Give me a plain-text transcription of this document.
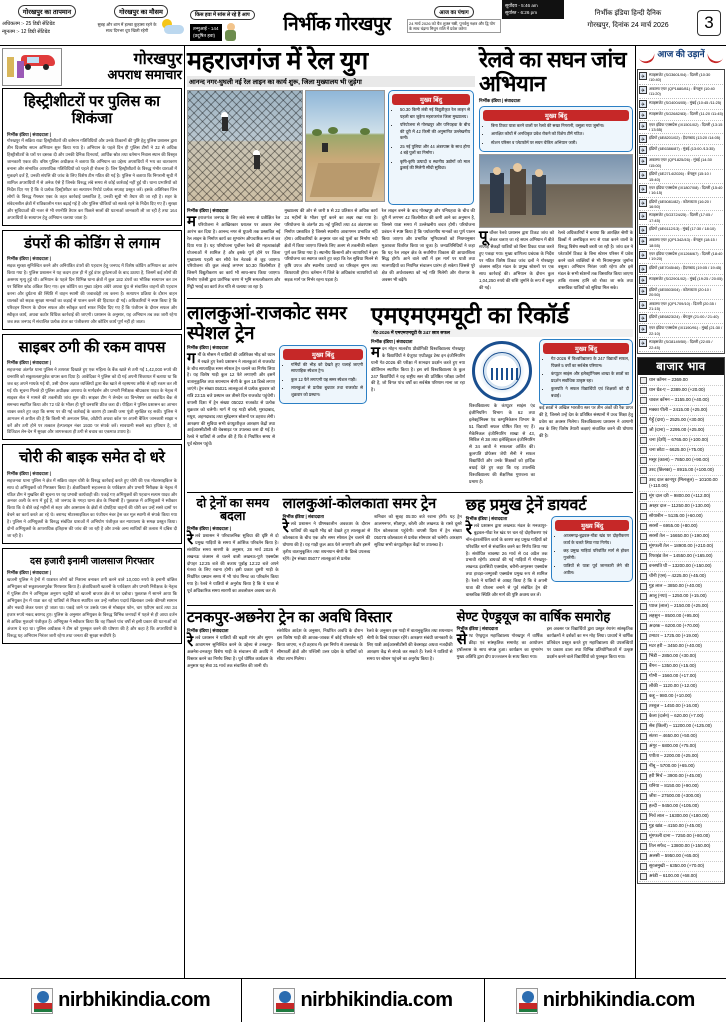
गोरखपुर का तापमान
अधिकतम :- 25 डिग्री सेंटिग्रेड
न्यूनतम :- 12 डिग्री सेंटिग्रेड
गोरखपुर का मौसम
सुबह और शाम में हल्का कुहासा रहने के साथ दिनभर धूप खिली रहेगी
किस हवा में सांस ले रहे हैं आप
तन्मुआई - 144
(प्रदूषित हवा)
निर्भीक गोरखपुर
आज का पंचाग
24 मार्च 2026 को चैत्र शुक्ल षष्ठी, पुनर्वसु नक्षत्र और द्वि योग के साथ चंद्रमा मिथुन राशि में प्रवेश करेगा
सूर्योदय - 5:46 am
सूर्यास्त - 6:26 pm	निर्भीक इंडिया हिन्दी दैनिक
गोरखपुर, दिनांक 24 मार्च 2026	3
गोरखपुर
अपराध समाचार
हिस्ट्रीशीटरों पर पुलिस का शिकंजा

निर्भीक इंडिया | संवाददाता |

गोरखपुर में सक्रिय राडा हिस्ट्रीशीटरों की वर्तमान गतिविधियों और उनके ठिकानों की पुष्टि हेतु पुलिस प्रशासन द्वारा तीन दिवसीय सघन अभियान शुरू किया गया है। अभियान के पहले दिन ही पुलिस टीमों ने 32 से अधिक हिस्ट्रीशीटरों के घरों पर दस्तक दी और उनकी दैनिक दिनचर्या, आर्थिक स्रोत तथा वर्तमान निवास स्थान की विस्तृत जानकारी एकत्र की। वरिष्ठ पुलिस अधीक्षक ने बताया कि अभियान का उद्देश्य अपराधियों में भय का वातावरण बनाना और संभावित आपराधिक गतिविधियों को पहले ही रोकना है। जिन हिस्ट्रीशीटरों के विरुद्ध गंभीर धाराओं में मुकदमे दर्ज हैं, उनकी संपत्ति की जांच के लिए विशेष टीम गठित की गई है। पुलिस ने बताया कि निगरानी सूची में शामिल अपराधियों में से अनेक ऐसे हैं जिनके विरुद्ध लंबे समय से कोई कार्रवाई नहीं हुई थी। थाना प्रभारियों को निर्देश दिए गए हैं कि वे प्रत्येक हिस्ट्रीशीटर का सत्यापन रिपोर्ट प्रत्येक सप्ताह प्रस्तुत करें। इसके अतिरिक्त जिन लोगों के विरुद्ध गैंगस्टर एक्ट के तहत कार्रवाई प्रस्तावित है, उनकी सूची भी तैयार की जा रही है। शहर के संवेदनशील क्षेत्रों में रात्रिकालीन गश्त बढ़ाई गई है और पुलिस चौकियों को सतर्क रहने के निर्देश दिए गए हैं। सुरक्षा और सुविधाओं की नजर से भी रणनीति तैयार कर पिछले सालों की घटनाओं जानकारी ली जा रही है तथा 164 अपराधियों के सत्यापन हेतु अभियान चलाया जाता है।

डंपरों की कोडिंग से लगाम

निर्भीक इंडिया | संवाददाता |

सड़क सुरक्षा सुनिश्चित करने और अनियंत्रित डंपरों की पहचान हेतु जनपद में विशेष कोडिंग अभियान का आरंभ किया गया है। पुलिस प्रशासन ने यह कदम हाल ही में हुई डंपर दुर्घटनाओं के बाद उठाया है, जिसमें कई लोगों की असमय मृत्यु हुई थी। अभियान के पहले दिन विभिन्न थाना क्षेत्रों में कुल 182 डंपरों का भौतिक सत्यापन कर उन पर विशिष्ट कोड अंकित किए गए। इस कोडिंग का मुख्य उद्देश्य अंधेरे अथवा धुंध से संचालित वाहनों की पहचान करना और दुर्घटना की स्थिति में वाहन स्वामी की जवाबदेही तय करना है। सत्यापन प्रक्रिया के दौरान वाहन चालकों को सड़क सुरक्षा मानकों का कड़ाई से पालन करने की हिदायत दी गई। अधिकारियों ने स्पष्ट किया है कि परिवहन विभाग के दौरान सफल और स्वीकृत कार्य सफर निर्देश दिए गए हैं कि पंजीयन के दौरान सफल और स्वीकृत कार्य, अथवा कठोर विधिक कार्रवाई की जाएगी। प्रशासन के अनुसार, यह अभियान तब तक जारी रहेगा जब तक जनपद में संचालित प्रत्येक डंपर का पंजीकरण और कोडिंग कार्य पूर्ण नहीं हो जाता।

साइबर ठगी की रकम वापस

निर्भीक इंडिया | संवाददाता |

सहजनवा अंतर्गत थाना पुलिस ने तत्परता दिखाते हुए एक महिला के बैंक खाते से ठगी गई 1,42,000 रुपये की धनराशि को सकुशलतापूर्वक वापस करा दिया है। आवेदिका ने पुलिस को दी गई अपनी शिकायत में बताया था कि जब वह अपने मायके गई थी, उसी दौरान अज्ञात व्यक्तियों द्वारा बैंक खाते से रहस्यमय तरीके से वही रकम कर ली गई थी। सूचना मिलते ही पुलिस अधीक्षक अपराध के मार्गदर्शन और प्रभारी निरीक्षक श्रीप्रकाश यादव के नेतृत्व में साइबर सेल ने मामले की तकनीकी जांच शुरू की। साइबर टीम ने लेनदेन का विश्लेषण कर संबंधित बैंक से समन्वय स्थापित किया और 72 घंटे के भीतर ही पूरी धनराशि फ्रीज करा दी। पीड़िता ने पुलिस प्रशासन का आभार व्यक्त करते हुए कहा कि समय पर की गई कार्रवाई के कारण ही उसकी जमा पूंजी सुरक्षित रह सकी। पुलिस ने आमजन से अपील की है कि किसी भी अनजान लिंक, ओटीपी अथवा कॉल पर अपनी बैंकिंग जानकारी साझा न करें और ठगी होने पर तत्काल हेल्पलाइन नंबर 1930 पर संपर्क करें। सावधानी सबसे बड़ा हथियार है, जो डिजिटल लेन-देन में सुरक्षा और जागरूकता ही ठगी से बचाव का एकमात्र उपाय है।

चोरी की बाइक समेत दो धरे

निर्भीक इंडिया | संवाददाता |

सहजनवा थाना पुलिस ने क्षेत्र में सक्रिय वाहन चोरी के विरुद्ध कार्रवाई करते हुए चोरी की एक मोटरसाइकिल के साथ दो अभियुक्तों को गिरफ्तार किया है। क्षेत्राधिकारी सहजनवा के पर्यवेक्षण और प्रभारी निरीक्षक के नेतृत्व में गठित टीम ने मुखबिर की सूचना पर यह प्रभावी कार्यवाही की। पकड़े गए अभियुक्तों की पहचान सत्यम यादव और अनवर अली के रूप में हुई है, जो जनपद के गगहा थाना क्षेत्र के निवासी हैं। पूछताछ में अभियुक्तों ने स्वीकार किया कि वे बीते कई महीनों से शहर और आसपास के क्षेत्रों से दोपहिया वाहनों की चोरी कर उन्हें सस्ते दामों पर बेचने का कार्य करते आ रहे थे। बरामद मोटरसाइकिल का पंजीयन नंबर ट्रेस कर मूल स्वामी से संपर्क किया गया है। पुलिस ने अभियुक्तों के विरुद्ध संबंधित धाराओं में अभियोग पंजीकृत कर न्यायालय के समक्ष प्रस्तुत किया। दोनों अभियुक्तों के आपराधिक इतिहास की जांच की जा रही है और उनके अन्य साथियों की तलाश में दबिश दी जा रही है।

दस हजारी इनामी जालसाज गिरफ्तार

निर्भीक इंडिया | संवाददाता |

खजनी पुलिस ने ट्रेनों में यात्रारत लोगों को निशाना बनाकर ठगी करने वाले 10,000 रुपये के इनामी वांछित अभियुक्त को सकुशलतापूर्वक गिरफ्तार किया है। क्षेत्राधिकारी खजनी के पर्यवेक्षण और प्रभारी निरीक्षक के नेतृत्व में पुलिस टीम ने अभियुक्त अनुराग चतुर्वेदी को खजनी बाजार क्षेत्र से धर दबोचा। पूछताछ में सामने आया कि अभियुक्त ट्रेन में यात्रा कर रहे यात्रियों से मित्रता स्थापित कर उन्हें नशीला पदार्थ खिलाकर उनके कीमती सामान और नकदी लेकर फरार हो जाता था। पकड़े जाने पर उसके पास से मोबाइल फोन, चार एटीएम कार्ड तथा 34 हजार रुपये नकद बरामद हुए। पुलिस के अनुसार अभियुक्त के विरुद्ध विभिन्न जनपदों में पहले से ही आधा दर्जन से अधिक मुकदमे पंजीकृत हैं। अभियुक्त ने स्वीकार किया कि वह पिछले पांच वर्षों से इसी प्रकार की घटनाओं को अंजाम दे रहा था। पुलिस अधीक्षक ने टीम को पुरस्कृत करने की घोषणा की है और कहा है कि अपराधियों के विरुद्ध यह अभियान निरंतर जारी रहेगा तथा जनता की सुरक्षा सर्वोपरि है।

महराजगंज में रेल युग
आनन्द नगर-घुघली नई रेल लाइन का कार्य शुरू, जिला मुख्यालय भी जुड़ेगा
मुख्य बिंदु
• 50.30 किमी लंबी नई विद्युतीकृत रेल लाइन से पहली बार जुड़ेगा महराजगंज जिला मुख्यालय।
• परियोजना से गोरखपुर और पनियहवा के बीच की दूरी में 42 किमी की अनुमानित उल्लेखनीय कमी।
• 25 नई पुलिया और 44 अंडरपास के साथ होगा 4 बड़े पुलों का निर्माण।
• कृषि-कृषि उत्पादों व स्थानीय उद्योगों को माल ढुलाई की मिलेगी सीधी सुविधा।
निर्भीक इंडिया | संवाददाता

महराजगंज जनपद के लिए लंबे समय से प्रतीक्षित रेल परियोजना ने आखिरकार धरातल पर आकार लेना आरंभ कर दिया है। आनन्द नगर से घुघली तक प्रस्तावित नई रेल लाइन के निर्माण कार्य का शुभारंभ औपचारिक रूप से कर दिया गया है। यह परियोजना पूर्वोत्तर रेलवे की महत्वाकांक्षी योजनाओं में शामिल है और इसके पूर्ण होने पर जिला मुख्यालय पहली बार सीधे रेल नेटवर्क से जुड़ जाएगा। परियोजना की कुल लंबाई लगभग 50.30 किलोमीटर है जिसमें विद्युतीकरण का कार्य भी साथ-साथ किया जाएगा। निर्माण एजेंसी द्वारा प्रारंभिक चरण में भूमि समतलीकरण और मिट्टी भराई का कार्य तेज गति से चलाया जा रहा है।

मुख्यालय की ओर से जारी 9 से 22 प्रतिशत से अधिक कार्य 24 महीनों के भीतर पूर्ण करने का लक्ष्य रखा गया है। परियोजना के अंतर्गत 25 नई पुलियों तथा 44 अंडरपास का निर्माण प्रस्तावित है जिससे स्थानीय आवागमन प्रभावित नहीं होगा। अधिकारियों के अनुसार चार बड़े पुलों का निर्माण नदी क्षेत्रों में किया जाएगा जिसके लिए अलग से तकनीकी सर्वेक्षण पूर्ण कर लिया गया है। स्थानीय किसानों और व्यापारियों ने इस परियोजना का स्वागत करते हुए कहा कि रेल सुविधा मिलने से कृषि उपज और स्थानीय उत्पादों का परिवहन सुगम तथा किफायती होगा। वर्तमान में जिले के अधिकांश व्यापारियों को सड़क मार्ग पर निर्भर रहना पड़ता है।

रेल लाइन बनने के बाद गोरखपुर और पनियहवा के बीच की दूरी में लगभग 42 किलोमीटर की कमी आने का अनुमान है, जिससे यात्रा समय में उल्लेखनीय बचत होगी। परियोजना प्रबंधन ने स्पष्ट किया है कि पर्यावरणीय मानकों का पूर्ण पालन किया जाएगा और प्रभावित भूमिधारकों को नियमानुसार मुआवजा वितरित किया जा चुका है। जनप्रतिनिधियों ने कहा कि यह रेल लाइन क्षेत्र के सर्वांगीण विकास की आधारशिला सिद्ध होगी। आने वाले वर्षों में इस मार्ग पर यात्री तथा मालगाड़ियों का नियमित संचालन प्रारंभ हो सकेगा जिससे पूरे क्षेत्र की अर्थव्यवस्था को नई गति मिलेगी और रोजगार के अवसर भी बढ़ेंगे।

रेलवे का सघन जांच अभियान
निर्भीक इंडिया | संवाददाता
मुख्य बिंदु
• बिना टिकट यात्रा करने वालों पर रेलवे की सख्त निगरानी, वसूला गया जुर्माना।
• आरक्षित कोचों में अनधिकृत प्रवेश रोकने को विशेष टीमें गठित।
• स्टेशन परिसर व प्लेटफॉर्म पर सघन चेकिंग अभियान जारी।

पूर्वोत्तर रेलवे प्रशासन द्वारा टिकट जांच को लेकर चलाए जा रहे सघन अभियान में बीते सप्ताह सैकड़ों यात्रियों को बिना टिकट यात्रा करते हुए पकड़ा गया। मुख्य वाणिज्य प्रबंधक के निर्देश पर गठित विशेष टिकट जांच दलों ने गोरखपुर जंक्शन सहित मंडल के प्रमुख स्टेशनों पर एक साथ कार्रवाई की। अभियान के दौरान कुल 1,04,250 रुपये की राशि जुर्माने के रूप में वसूल की गई।

रेलवे अधिकारियों ने बताया कि आरक्षित श्रेणी के डिब्बों में अनधिकृत रूप से यात्रा करने वालों के विरुद्ध विशेष सख्ती बरती जा रही है। जांच दल ने प्लेटफॉर्म टिकट के बिना स्टेशन परिसर में प्रवेश करने वाले व्यक्तियों से भी नियमानुसार जुर्माना वसूला। अभियान निरंतर जारी रहेगा और इसे मंडल के सभी स्टेशनों तक विस्तारित किया जाएगा ताकि राजस्व हानि को रोका जा सके तथा वास्तविक यात्रियों को सुविधा मिल सके।

लालकुआं-राजकोट समर स्पेशल ट्रेन
निर्भीक इंडिया | संवाददाता

गर्मी के मौसम में यात्रियों की अतिरिक्त भीड़ को ध्यान में रखते हुए रेलवे प्रशासन ने लालकुआं से राजकोट के बीच साप्ताहिक समर स्पेशल ट्रेन चलाने का निर्णय लिया है। यह विशेष गाड़ी कुल 12 फेरे लगाएगी और इसमें वातानुकूलित तथा शयनयान श्रेणी के कुल 18 डिब्बे लगाए जाएंगे। ट्रेन संख्या 05021 लालकुआं से प्रत्येक बुधवार को रात्रि 23:15 बजे प्रस्थान कर तीसरे दिन राजकोट पहुंचेगी। वापसी दिशा में ट्रेन संख्या 05022 राजकोट से प्रत्येक शुक्रवार को चलेगी। मार्ग में यह गाड़ी बरेली, मुरादाबाद, मथुरा, अहमदाबाद तथा सुरेंद्रनगर स्टेशनों पर ठहराव लेगी। आरक्षण की सुविधा सभी कंप्यूटरीकृत आरक्षण केंद्रों तथा आईआरसीटीसी की वेबसाइट पर उपलब्ध करा दी गई है। रेलवे ने यात्रियों से अपील की है कि वे निर्धारित समय से पूर्व स्टेशन पहुंचें।

मुख्य बिंदु
• गर्मियों की भीड़ को देखते हुए चलाई जाएगी साप्ताहिक स्पेशल ट्रेन।
• कुल 12 फेरे लगाएगी यह समर स्पेशल गाड़ी।
• लालकुआं से प्रत्येक बुधवार तथा राजकोट से शुक्रवार को प्रस्थान।
एमएमएमयूटी का रिकॉर्ड
गेट-2026 में एमएमएमयूटी के 247 छात्र सफल
निर्भीक इंडिया | संवाददाता

मदन मोहन मालवीय प्रौद्योगिकी विश्वविद्यालय गोरखपुर के विद्यार्थियों ने ग्रेजुएट एप्टीट्यूड टेस्ट इन इंजीनियरिंग यानी गेट-2026 की परीक्षा में शानदार प्रदर्शन करते हुए नया कीर्तिमान स्थापित किया है। इस वर्ष विश्वविद्यालय के कुल 247 विद्यार्थियों ने यह राष्ट्रीय स्तर की प्रतिष्ठित परीक्षा उत्तीर्ण की है, जो विगत पांच वर्षों का सर्वश्रेष्ठ परिणाम माना जा रहा है।

विश्वविद्यालय के कंप्यूटर साइंस एंड इंजीनियरिंग विभाग के 62 तथा इलेक्ट्रॉनिक्स एंड कम्युनिकेशन विभाग के 51 विद्यार्थी सफल घोषित किए गए हैं। मैकेनिकल इंजीनियरिंग शाखा से 43, सिविल से 38 तथा इलेक्ट्रिकल इंजीनियरिंग से 34 छात्रों ने सफलता अर्जित की। कुलपति प्रोफेसर जेपी सैनी ने सफल विद्यार्थियों और उनके शिक्षकों को हार्दिक बधाई देते हुए कहा कि यह उपलब्धि विश्वविद्यालय की शैक्षणिक गुणवत्ता का प्रमाण है।

मुख्य बिंदु
• गेट-2026 में विश्वविद्यालय के 247 विद्यार्थी सफल, पिछले 5 वर्षों का सर्वश्रेष्ठ परिणाम।
• कंप्यूटर साइंस और इलेक्ट्रॉनिक्स शाखा के छात्रों का प्रदर्शन सर्वाधिक उत्कृष्ट रहा।
• कुलपति ने सफल विद्यार्थियों एवं शिक्षकों को दी बधाई।

कई छात्रों ने अखिल भारतीय स्तर पर तीन अंकों की रैंक प्राप्त की है, जिससे उन्हें देश के प्रतिष्ठित संस्थानों में उच्च शिक्षा हेतु प्रवेश का अवसर मिलेगा। विश्वविद्यालय प्रशासन ने आगामी सत्र के लिए विशेष तैयारी कक्षाएं संचालित करने की घोषणा की है।

दो ट्रेनों का समय बदला
निर्भीक इंडिया | संवाददाता |

रेलवे प्रशासन ने परिचालनिक सुविधा की दृष्टि से दो प्रमुख गाड़ियों के समय में आंशिक परिवर्तन किया है। संशोधित समय सारणी के अनुसार, 28 मार्च 2026 से लखनऊ जंक्शन से चलने वाली लखनऊ-पुणे एक्सप्रेस दोपहर 12:25 बजे की बजाय पूर्वाह्न 12:22 बजे अपने गंतव्य के लिए रवाना होगी। इसी प्रकार दूसरी गाड़ी के निर्धारित प्रस्थान समय में भी पांच मिनट का परिवर्तन किया गया है। रेलवे ने यात्रियों से अनुरोध किया है कि वे यात्रा से पूर्व अधिकारिक समय सारणी का अवलोकन अवश्य कर लें।

लालकुआं-कोलकाता समर ट्रेन
निर्भीक इंडिया | संवाददाता

रेलवे प्रशासन ने ग्रीष्मकालीन अवकाश के दौरान यात्रियों की बढ़ती भीड़ को देखते हुए लालकुआं से कोलकाता के बीच एक और समर स्पेशल ट्रेन चलाने की घोषणा की है। यह गाड़ी कुल आठ फेरे लगाएगी और इसमें तृतीय वातानुकूलित तथा शयनयान श्रेणी के डिब्बे उपलब्ध रहेंगे। ट्रेन संख्या 05077 लालकुआं से प्रत्येक

शनिवार को सुबह 05:00 बजे रवाना होगी। यह ट्रेन आलमनगर, सीतापुर, बरेली और लखनऊ के रास्ते दूसरे दिन कोलकाता पहुंचेगी। वापसी दिशा में ट्रेन संख्या 05078 कोलकाता से प्रत्येक सोमवार को चलेगी। आरक्षण सुविधा सभी कंप्यूटरीकृत केंद्रों पर उपलब्ध है।

छह प्रमुख ट्रेनें डायवर्ट
निर्भीक इंडिया | संवाददाता

रेलवे प्रशासन द्वारा लखनऊ मंडल के मनकापुर-बुढ़वल-गोंडा रेल खंड पर चल रहे दोहरीकरण एवं नॉन-इंटरलॉकिंग कार्य के कारण छह प्रमुख गाड़ियों को परिवर्तित मार्ग से संचालित करने का निर्णय लिया गया है। संशोधित व्यवस्था 26 मार्च से 04 अप्रैल तक प्रभावी रहेगी। डायवर्ट की गई गाड़ियों में गोरखपुर-लखनऊ इंटरसिटी एक्सप्रेस, बरौनी-अमृतसर एक्सप्रेस तथा हावड़ा-जम्मूतवी एक्सप्रेस प्रमुख रूप से शामिल हैं। रेलवे ने यात्रियों से आग्रह किया है कि वे अपनी यात्रा की योजना बनाने से पूर्व संबंधित ट्रेन की वास्तविक स्थिति और मार्ग की पुष्टि अवश्य कर लें।

मुख्य बिंदु
• आजमगढ़-बुढ़वल-गोंडा खंड पर दोहरीकरण कार्य के चलते लिया गया निर्णय।
• छह प्रमुख गाड़ियां परिवर्तित मार्ग से होकर गुजरेंगी।
• यात्रियों से यात्रा पूर्व जानकारी लेने की अपील।
टनकपुर-अछनेरा ट्रेन का अवधि विस्तार
निर्भीक इंडिया | संवाददाता

रेलवे प्रशासन ने यात्रियों की बढ़ती मांग और सुगम आवागमन सुनिश्चित करने के उद्देश्य से टनकपुर-अछनेरा-टनकपुर विशेष गाड़ी के संचालन की अवधि में विस्तार करने का निर्णय लिया है। पूर्व घोषित कार्यक्रम के अनुसार यह सेवा 31 मार्च तक संचालित की जानी थी।

संशोधित आदेश के अनुसार, निर्धारित अवधि के दौरान इस विशेष गाड़ी की आवक-जावक में कोई परिवर्तन नहीं किया जाएगा, न ही ठहराव में। इस निर्णय से उत्तराखंड के सीमावर्ती क्षेत्रों और पश्चिमी उत्तर प्रदेश के यात्रियों को सीधा लाभ मिलेगा।

रेलवे के अनुसार इस गाड़ी में वातानुकूलित तथा शयनयान श्रेणी के डिब्बे यथावत रहेंगे। आरक्षण संबंधी जानकारी के लिए यात्री आईआरसीटीसी की वेबसाइट अथवा नजदीकी आरक्षण केंद्र से संपर्क कर सकते हैं। रेलवे ने यात्रियों से समय पर स्टेशन पहुंचने का अनुरोध किया है।

सेण्ट ऐण्ड्रयूज का वार्षिक समारोह
निर्भीक इंडिया | संवाददाता

सेण्ट ऐण्ड्रयूज महाविद्यालय गोरखपुर में वार्षिक क्रीड़ा एवं सांस्कृतिक समारोह का आयोजन हर्षोल्लास के साथ संपन्न हुआ। कार्यक्रम का शुभारंभ मुख्य अतिथि द्वारा दीप प्रज्ज्वलन के साथ किया गया।

इस अवसर पर विद्यार्थियों द्वारा प्रस्तुत रंगारंग सांस्कृतिक कार्यक्रमों ने दर्शकों का मन मोह लिया। प्राचार्य ने वार्षिक प्रतिवेदन प्रस्तुत करते हुए महाविद्यालय की उपलब्धियों पर प्रकाश डाला तथा विभिन्न प्रतियोगिताओं में उत्कृष्ट प्रदर्शन करने वाले विद्यार्थियों को पुरस्कृत किया गया।

आज की उड़ानें
✈	स्पाइसजेट (SG3601/04) : दिल्ली (10:30 /10:40)
✈	अकासा एयर (QP1680/81) : बेंगलुरु (10:40 /11:20)
✈	स्पाइसजेट (SG4004/05) : मुंबई (10:45 /11:25)
✈	स्पाइसजेट (SG2682/83) : दिल्ली (11:20 /11:45)
✈	एयर इंडिया एक्सप्रेस (IX1501/02) : दिल्ली (13:15 / 13:55)
✈	इंडिगो (6E8201/02) : हैदराबाद (13:20 /14:05)
✈	इंडिगो (6E6386/87) : मुंबई (13:00 /13:35)
✈	अकासा एयर (QP1825/26) : मुंबई (14:30 /15:00)
✈	इंडिगो (6E2714/2026) : बेंगलुरु (15:10 / 15:40)
✈	एयर इंडिया एक्सप्रेस (IX1807/08) : दिल्ली (15:40 / 16:15)
✈	इंडिगो (6E5081/82) : कोलकाता (16:20 / 16:50)
✈	स्पाइसजेट (SG3724/25) : दिल्ली (17:05 / 17:45)
✈	इंडिगो (6E6112/13) : मुंबई (17:30 / 18:10)
✈	अकासा एयर (QP1342/43) : बेंगलुरु (18:15 / 18:55)
✈	एयर इंडिया एक्सप्रेस (IX1266/67) : दिल्ली (18:40 / 19:20)
✈	इंडिगो (6E7045/46) : हैदराबाद (19:05 / 19:45)
✈	स्पाइसजेट (SG2901/02) : मुंबई (19:25 / 20:05)
✈	इंडिगो (6E5503/04) : कोलकाता (20:10 / 20:50)
✈	अकासा एयर (QP1709/10) : दिल्ली (20:35 / 21:15)
✈	इंडिगो (6E6823/24) : बेंगलुरु (21:00 / 21:40)
✈	एयर इंडिया एक्सप्रेस (IX1190/91) : मुंबई (21:30 / 22:10)
✈	स्पाइसजेट (SG8149/50) : दिल्ली (22:05 / 22:45)
बाजार भाव
धान कॉमन – 2369.00
धान ग्रेड-ए – 2389.00 (+20.00)
चावल कॉमन – 3155.00 (+40.00)
मक्का पीली – 2415.00 (+25.00)
गेहूँ (दारा) – 2525.00 (+30.00)
जौ (दाना) – 2295.00 (+25.00)
चना (देशी) – 6765.00 (+100.00)
चना छोटा – 6625.00 (+75.00)
मसूर (काला) – 7850.00 (+90.00)
उरद (छिलका) – 8915.00 (+100.00)
उरद दाल कानपुर (मिलजुल) – 10100.00 (+110.00)
मूंग दाल दरी – 9800.00 (+112.00)
अरहर दाल – 11250.00 (+130.00)
सोयाबीन – 5135.00 (+60.00)
सरसों – 6955.00 (+80.00)
सरसों तेल – 16650.00 (+190.00)
मूंगफली तेल – 18900.00 (+210.00)
रिफाइंड तेल – 14550.00 (+165.00)
वनस्पति घी – 13200.00 (+150.00)
चीनी (एस) – 4225.00 (+45.00)
गुड़ लाल – 3850.00 (+40.00)
आलू (नया) – 1250.00 (+15.00)
प्याज (लाल) – 2150.00 (+25.00)
लहसुन – 8500.00 (+95.00)
अदरक – 6200.00 (+70.00)
टमाटर – 1725.00 (+19.00)
मटर हरी – 3450.00 (+40.00)
भिंडी – 2850.00 (+30.00)
बैंगन – 1350.00 (+15.00)
गोभी – 1560.00 (+17.00)
लौकी – 1120.00 (+12.00)
कद्दू – 980.00 (+10.00)
तरबूज – 1450.00 (+16.00)
केला (दर्जन) – 620.00 (+7.00)
सेब (किलो) – 11200.00 (+125.00)
संतरा – 4650.00 (+50.00)
अंगूर – 6800.00 (+75.00)
पपीता – 2200.00 (+25.00)
नींबू – 5700.00 (+65.00)
हरी मिर्च – 3900.00 (+45.00)
धनिया – 8150.00 (+90.00)
जीरा – 27500.00 (+300.00)
हल्दी – 9450.00 (+105.00)
मिर्च लाल – 16300.00 (+180.00)
गुड़ खांड – 4150.00 (+45.00)
मूंगफली दाना – 7250.00 (+80.00)
तिल सफेद – 13800.00 (+150.00)
अलसी – 5950.00 (+65.00)
सूरजमुखी – 6350.00 (+70.00)
अरंडी – 6100.00 (+68.00)
nirbhikindia.com	nirbhikindia.com	nirbhikindia.com
